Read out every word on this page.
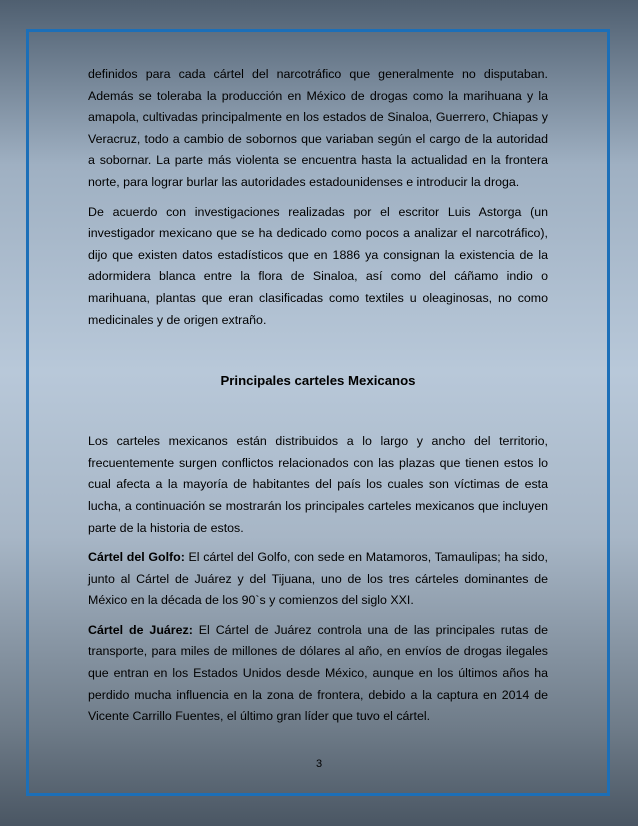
definidos para cada cártel del narcotráfico que generalmente no disputaban. Además se toleraba la producción en México de drogas como la marihuana y la amapola, cultivadas principalmente en los estados de Sinaloa, Guerrero, Chiapas y Veracruz, todo a cambio de sobornos que variaban según el cargo de la autoridad a sobornar. La parte más violenta se encuentra hasta la actualidad en la frontera norte, para lograr burlar las autoridades estadounidenses e introducir la droga.

De acuerdo con investigaciones realizadas por el escritor Luis Astorga (un investigador mexicano que se ha dedicado como pocos a analizar el narcotráfico), dijo que existen datos estadísticos que en 1886 ya consignan la existencia de la adormidera blanca entre la flora de Sinaloa, así como del cáñamo indio o marihuana, plantas que eran clasificadas como textiles u oleaginosas, no como medicinales y de origen extraño.

Principales carteles Mexicanos

Los carteles mexicanos están distribuidos a lo largo y ancho del territorio, frecuentemente surgen conflictos relacionados con las plazas que tienen estos lo cual afecta a la mayoría de habitantes del país los cuales son víctimas de esta lucha, a continuación se mostrarán los principales carteles mexicanos que incluyen parte de la historia de estos.

Cártel del Golfo: El cártel del Golfo, con sede en Matamoros, Tamaulipas; ha sido, junto al Cártel de Juárez y del Tijuana, uno de los tres cárteles dominantes de México en la década de los 90`s y comienzos del siglo XXI.

Cártel de Juárez: El Cártel de Juárez controla una de las principales rutas de transporte, para miles de millones de dólares al año, en envíos de drogas ilegales que entran en los Estados Unidos desde México, aunque en los últimos años ha perdido mucha influencia en la zona de frontera, debido a la captura en 2014 de Vicente Carrillo Fuentes, el último gran líder que tuvo el cártel.

3
